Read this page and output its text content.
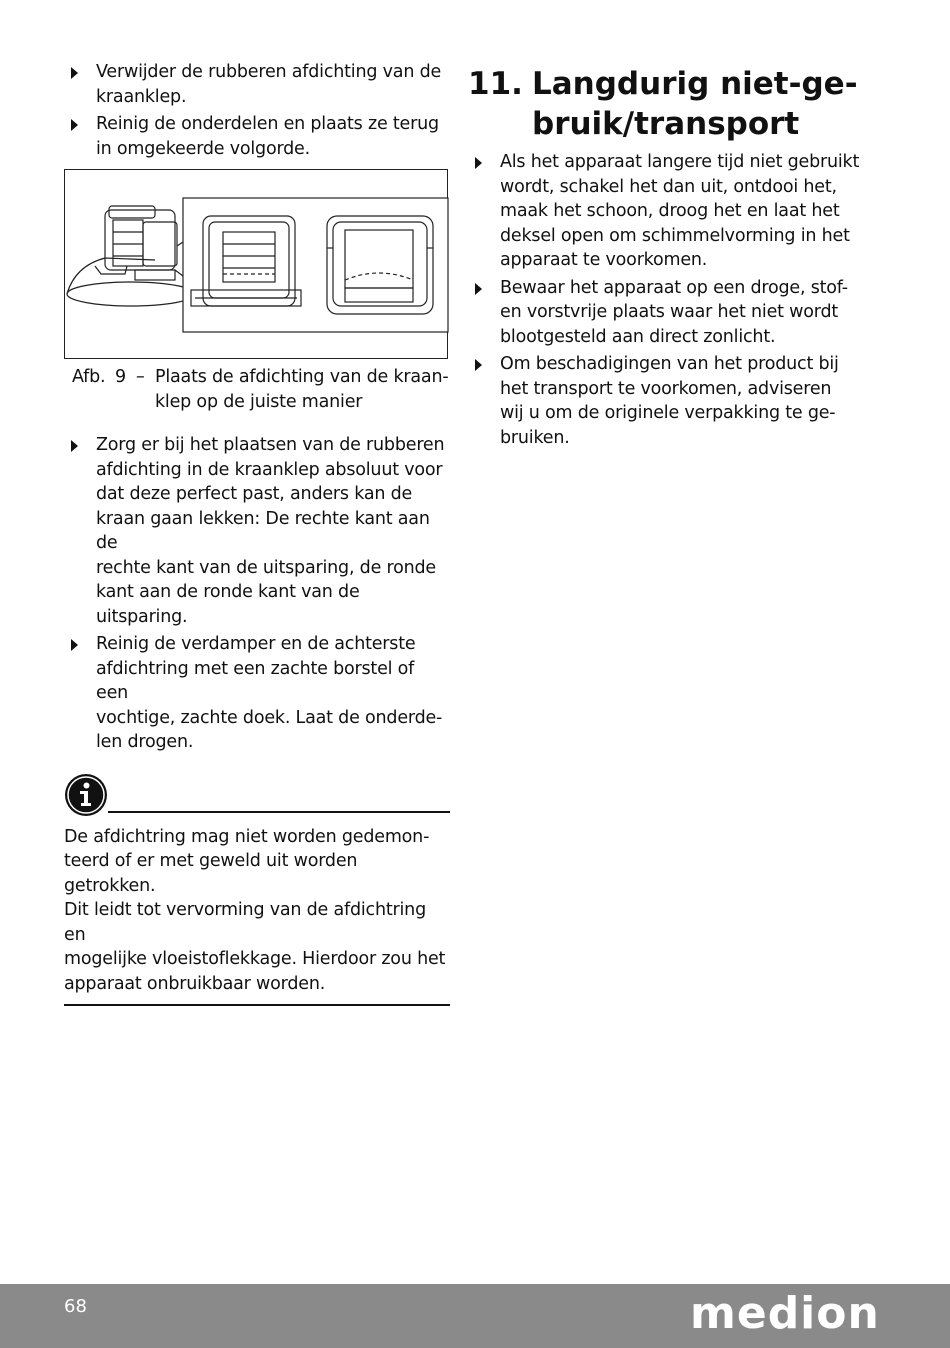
Verwijder de rubberen afdichting van de
kraanklep.
Reinig de onderdelen en plaats ze terug
in omgekeerde volgorde.
Afb. 9 – Plaats de afdichting van de kraan-
klep op de juiste manier
Zorg er bij het plaatsen van de rubberen
afdichting in de kraanklep absoluut voor
dat deze perfect past, anders kan de
kraan gaan lekken: De rechte kant aan de
rechte kant van de uitsparing, de ronde
kant aan de ronde kant van de uitsparing.
Reinig de verdamper en de achterste
afdichtring met een zachte borstel of een
vochtige, zachte doek. Laat de onderde-
len drogen.
De afdichtring mag niet worden gedemon-
teerd of er met geweld uit worden getrokken.
Dit leidt tot vervorming van de afdichtring en
mogelijke vloeistoflekkage. Hierdoor zou het
apparaat onbruikbaar worden.
11. Langdurig niet-ge-
bruik/transport
Als het apparaat langere tijd niet gebruikt
wordt, schakel het dan uit, ontdooi het,
maak het schoon, droog het en laat het
deksel open om schimmelvorming in het
apparaat te voorkomen.
Bewaar het apparaat op een droge, stof-
en vorstvrije plaats waar het niet wordt
blootgesteld aan direct zonlicht.
Om beschadigingen van het product bij
het transport te voorkomen, adviseren
wij u om de originele verpakking te ge-
bruiken.
68	medion
